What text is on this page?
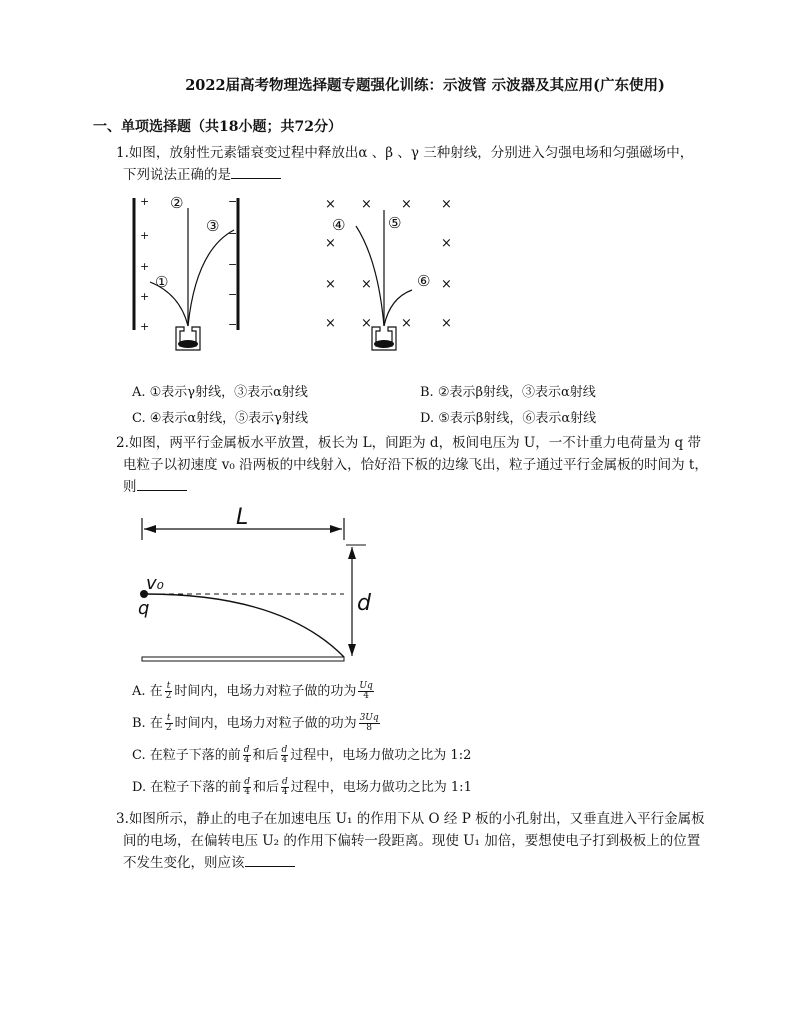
2022届高考物理选择题专题强化训练：示波管 示波器及其应用(广东使用)
一、单项选择题（共18小题；共72分）
1.如图，放射性元素镭衰变过程中释放出α 、β 、γ 三种射线，分别进入匀强电场和匀强磁场中，
下列说法正确的是
+
+
+
+
+
−
−
−
−
−
②
③
①
× × × ×
×	×
× ×	×
× × × ×
④	⑤
⑥
A. ①表示γ射线，③表示α射线	B. ②表示β射线，③表示α射线
C. ④表示α射线，⑤表示γ射线	D. ⑤表示β射线，⑥表示α射线
2.如图，两平行金属板水平放置，板长为 L，间距为 d，板间电压为 U，一不计重力电荷量为 q 带
电粒子以初速度 v₀ 沿两板的中线射入，恰好沿下板的边缘飞出，粒子通过平行金属板的时间为 t，
则
L
d
v₀
q
A. 在 $\frac{t}{2}$ 时间内，电场力对粒子做的功为 $\frac{Uq}{4}$
B. 在 $\frac{t}{2}$ 时间内，电场力对粒子做的功为 $\frac{3Uq}{8}$
C. 在粒子下落的前 $\frac{d}{4}$ 和后 $\frac{d}{4}$ 过程中，电场力做功之比为 1:2
D. 在粒子下落的前 $\frac{d}{4}$ 和后 $\frac{d}{4}$ 过程中，电场力做功之比为 1:1
3.如图所示，静止的电子在加速电压 U₁ 的作用下从 O 经 P 板的小孔射出，又垂直进入平行金属板
间的电场，在偏转电压 U₂ 的作用下偏转一段距离。现使 U₁ 加倍，要想使电子打到极板上的位置
不发生变化，则应该
